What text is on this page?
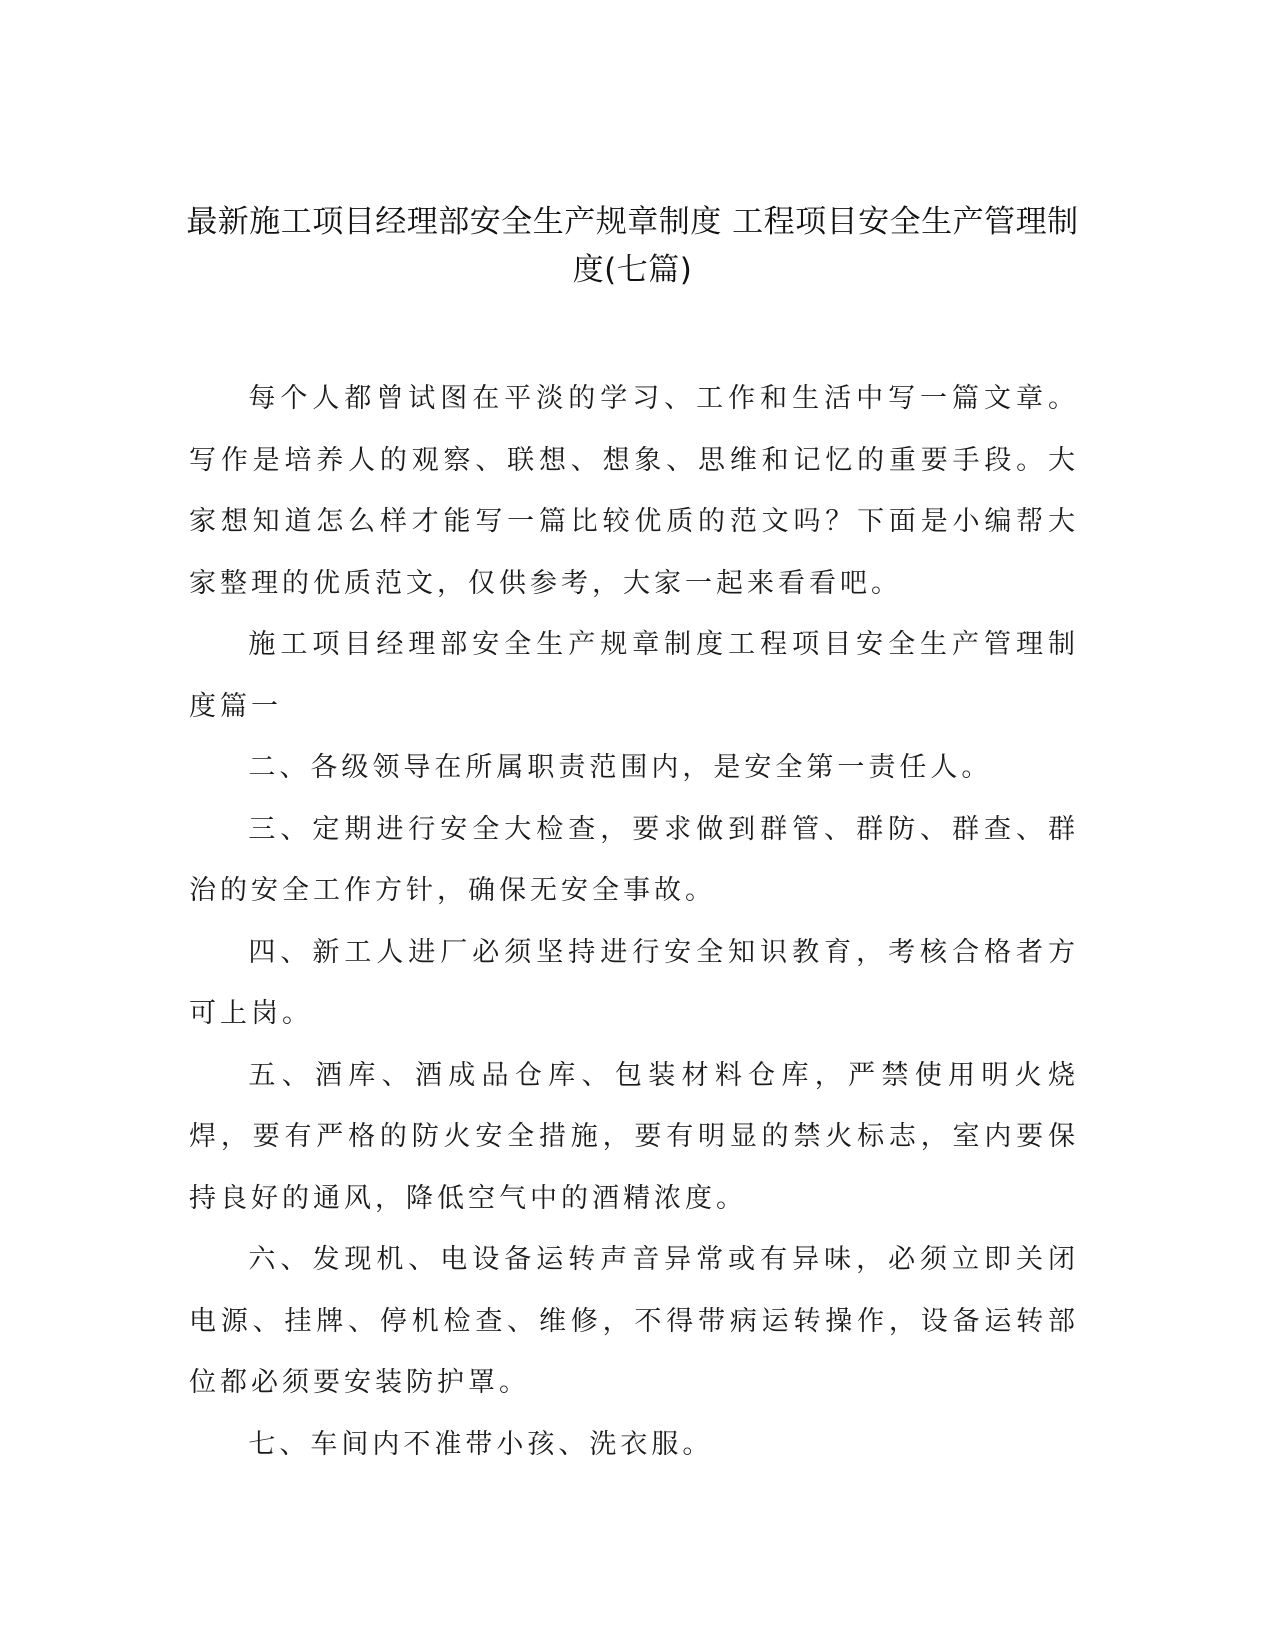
最新施工项目经理部安全生产规章制度 工程项目安全生产管理制度(七篇)

每个人都曾试图在平淡的学习、工作和生活中写一篇文章。写作是培养人的观察、联想、想象、思维和记忆的重要手段。大家想知道怎么样才能写一篇比较优质的范文吗？下面是小编帮大家整理的优质范文，仅供参考，大家一起来看看吧。

施工项目经理部安全生产规章制度工程项目安全生产管理制度篇一

二、各级领导在所属职责范围内，是安全第一责任人。

三、定期进行安全大检查，要求做到群管、群防、群查、群治的安全工作方针，确保无安全事故。

四、新工人进厂必须坚持进行安全知识教育，考核合格者方可上岗。

五、酒库、酒成品仓库、包装材料仓库，严禁使用明火烧焊，要有严格的防火安全措施，要有明显的禁火标志，室内要保持良好的通风，降低空气中的酒精浓度。

六、发现机、电设备运转声音异常或有异味，必须立即关闭电源、挂牌、停机检查、维修，不得带病运转操作，设备运转部位都必须要安装防护罩。

七、车间内不准带小孩、洗衣服。
